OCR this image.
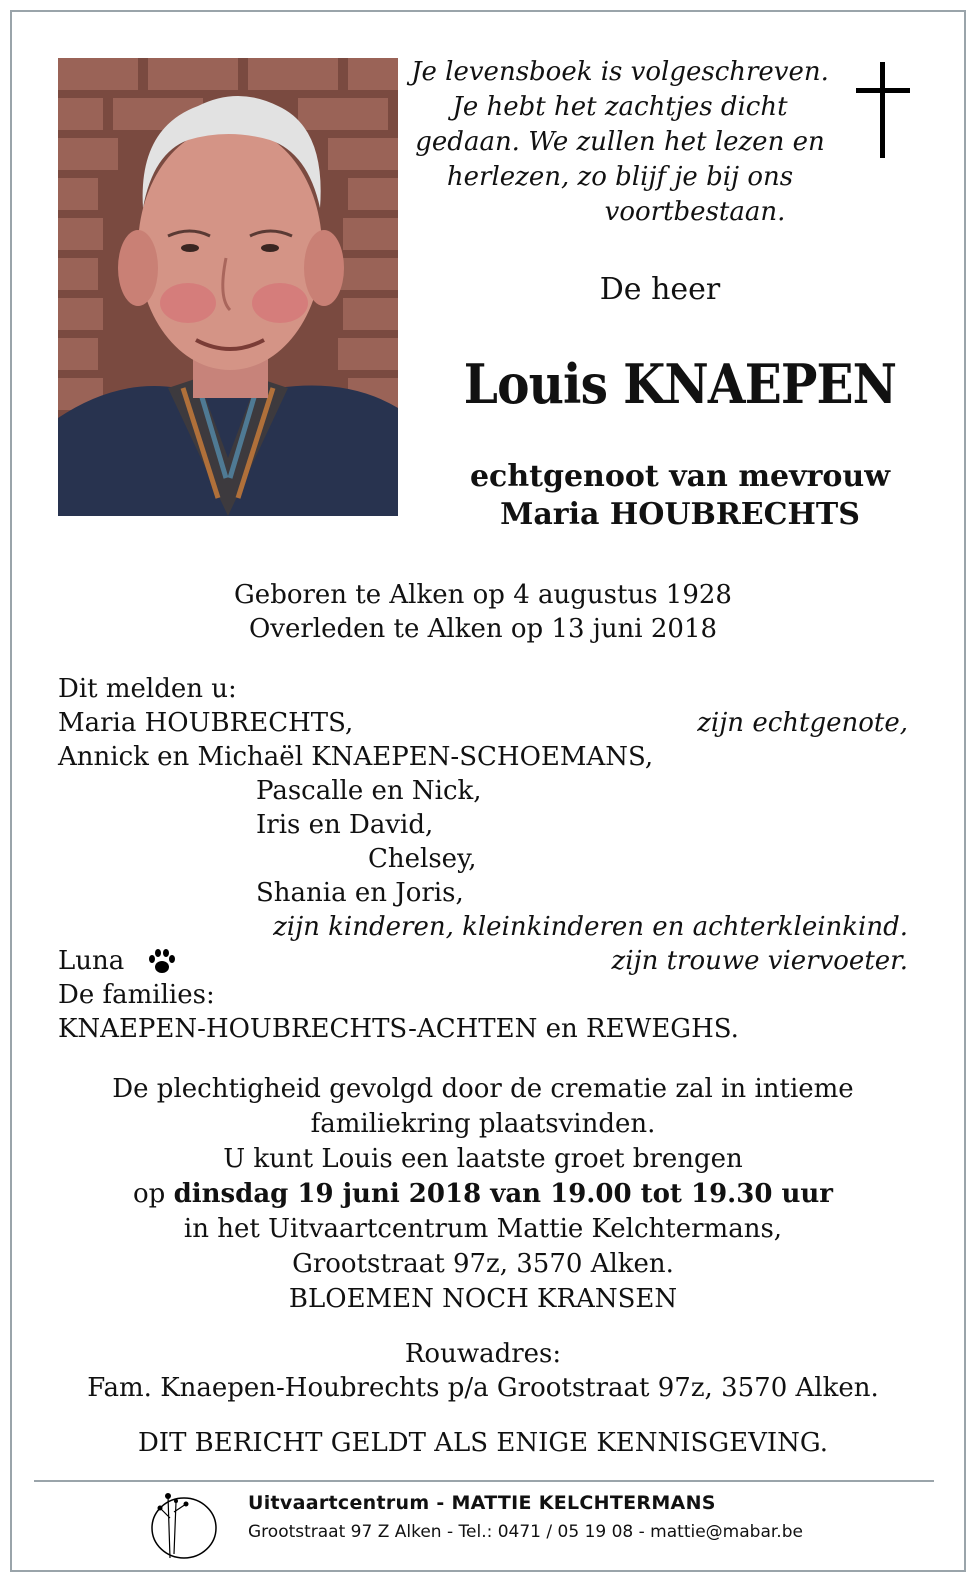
Je levensboek is volgeschreven.
Je hebt het zachtjes dicht
gedaan. We zullen het lezen en
herlezen, zo blijf je bij ons
voortbestaan.
De heer
Louis KNAEPEN
echtgenoot van mevrouw
Maria HOUBRECHTS
Geboren te Alken op 4 augustus 1928
Overleden te Alken op 13 juni 2018
Dit melden u:
Maria HOUBRECHTS,	zijn echtgenote,
Annick en Michaël KNAEPEN-SCHOEMANS,
Pascalle en Nick,
Iris en David,
Chelsey,
Shania en Joris,
zijn kinderen, kleinkinderen en achterkleinkind.
Luna	zijn trouwe viervoeter.
De families:
KNAEPEN-HOUBRECHTS-ACHTEN en REWEGHS.
De plechtigheid gevolgd door de crematie zal in intieme
familiekring plaatsvinden.
U kunt Louis een laatste groet brengen
op dinsdag 19 juni 2018 van 19.00 tot 19.30 uur
in het Uitvaartcentrum Mattie Kelchtermans,
Grootstraat 97z, 3570 Alken.
BLOEMEN NOCH KRANSEN
Rouwadres:
Fam. Knaepen-Houbrechts p/a Grootstraat 97z, 3570 Alken.
DIT BERICHT GELDT ALS ENIGE KENNISGEVING.
Uitvaartcentrum - MATTIE KELCHTERMANS
Grootstraat 97 Z Alken - Tel.: 0471 / 05 19 08 - mattie@mabar.be
